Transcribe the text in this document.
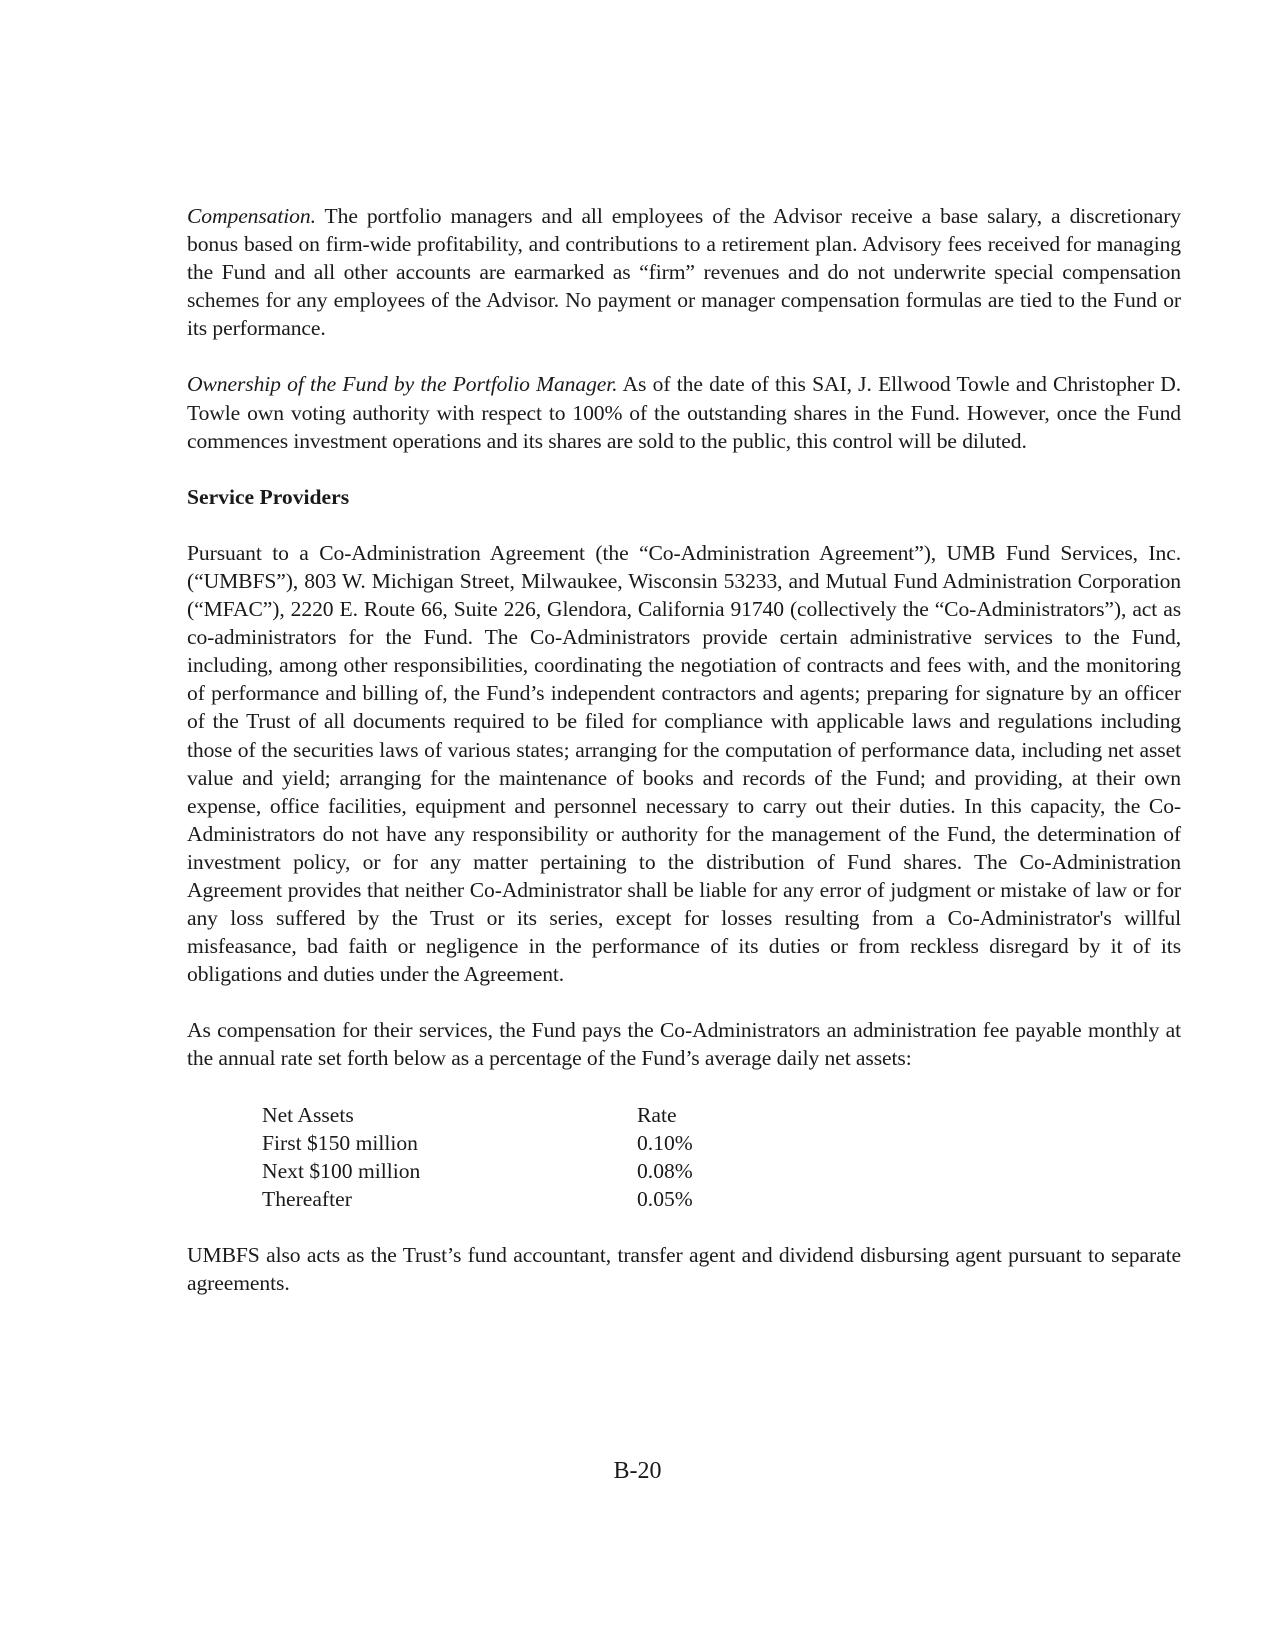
Compensation. The portfolio managers and all employees of the Advisor receive a base salary, a discretionary bonus based on firm-wide profitability, and contributions to a retirement plan. Advisory fees received for managing the Fund and all other accounts are earmarked as “firm” revenues and do not underwrite special compensation schemes for any employees of the Advisor. No payment or manager compensation formulas are tied to the Fund or its performance.

Ownership of the Fund by the Portfolio Manager. As of the date of this SAI, J. Ellwood Towle and Christopher D. Towle own voting authority with respect to 100% of the outstanding shares in the Fund. However, once the Fund commences investment operations and its shares are sold to the public, this control will be diluted.

Service Providers

Pursuant to a Co-Administration Agreement (the “Co-Administration Agreement”), UMB Fund Services, Inc. (“UMBFS”), 803 W. Michigan Street, Milwaukee, Wisconsin 53233, and Mutual Fund Administration Corporation (“MFAC”), 2220 E. Route 66, Suite 226, Glendora, California 91740 (collectively the “Co-Administrators”), act as co-administrators for the Fund. The Co-Administrators provide certain administrative services to the Fund, including, among other responsibilities, coordinating the negotiation of contracts and fees with, and the monitoring of performance and billing of, the Fund’s independent contractors and agents; preparing for signature by an officer of the Trust of all documents required to be filed for compliance with applicable laws and regulations including those of the securities laws of various states; arranging for the computation of performance data, including net asset value and yield; arranging for the maintenance of books and records of the Fund; and providing, at their own expense, office facilities, equipment and personnel necessary to carry out their duties. In this capacity, the Co-Administrators do not have any responsibility or authority for the management of the Fund, the determination of investment policy, or for any matter pertaining to the distribution of Fund shares. The Co-Administration Agreement provides that neither Co-Administrator shall be liable for any error of judgment or mistake of law or for any loss suffered by the Trust or its series, except for losses resulting from a Co-Administrator's willful misfeasance, bad faith or negligence in the performance of its duties or from reckless disregard by it of its obligations and duties under the Agreement.

As compensation for their services, the Fund pays the Co-Administrators an administration fee payable monthly at the annual rate set forth below as a percentage of the Fund’s average daily net assets:

Net Assets	Rate
First $150 million	0.10%
Next $100 million	0.08%
Thereafter	0.05%

UMBFS also acts as the Trust’s fund accountant, transfer agent and dividend disbursing agent pursuant to separate agreements.

B-20
